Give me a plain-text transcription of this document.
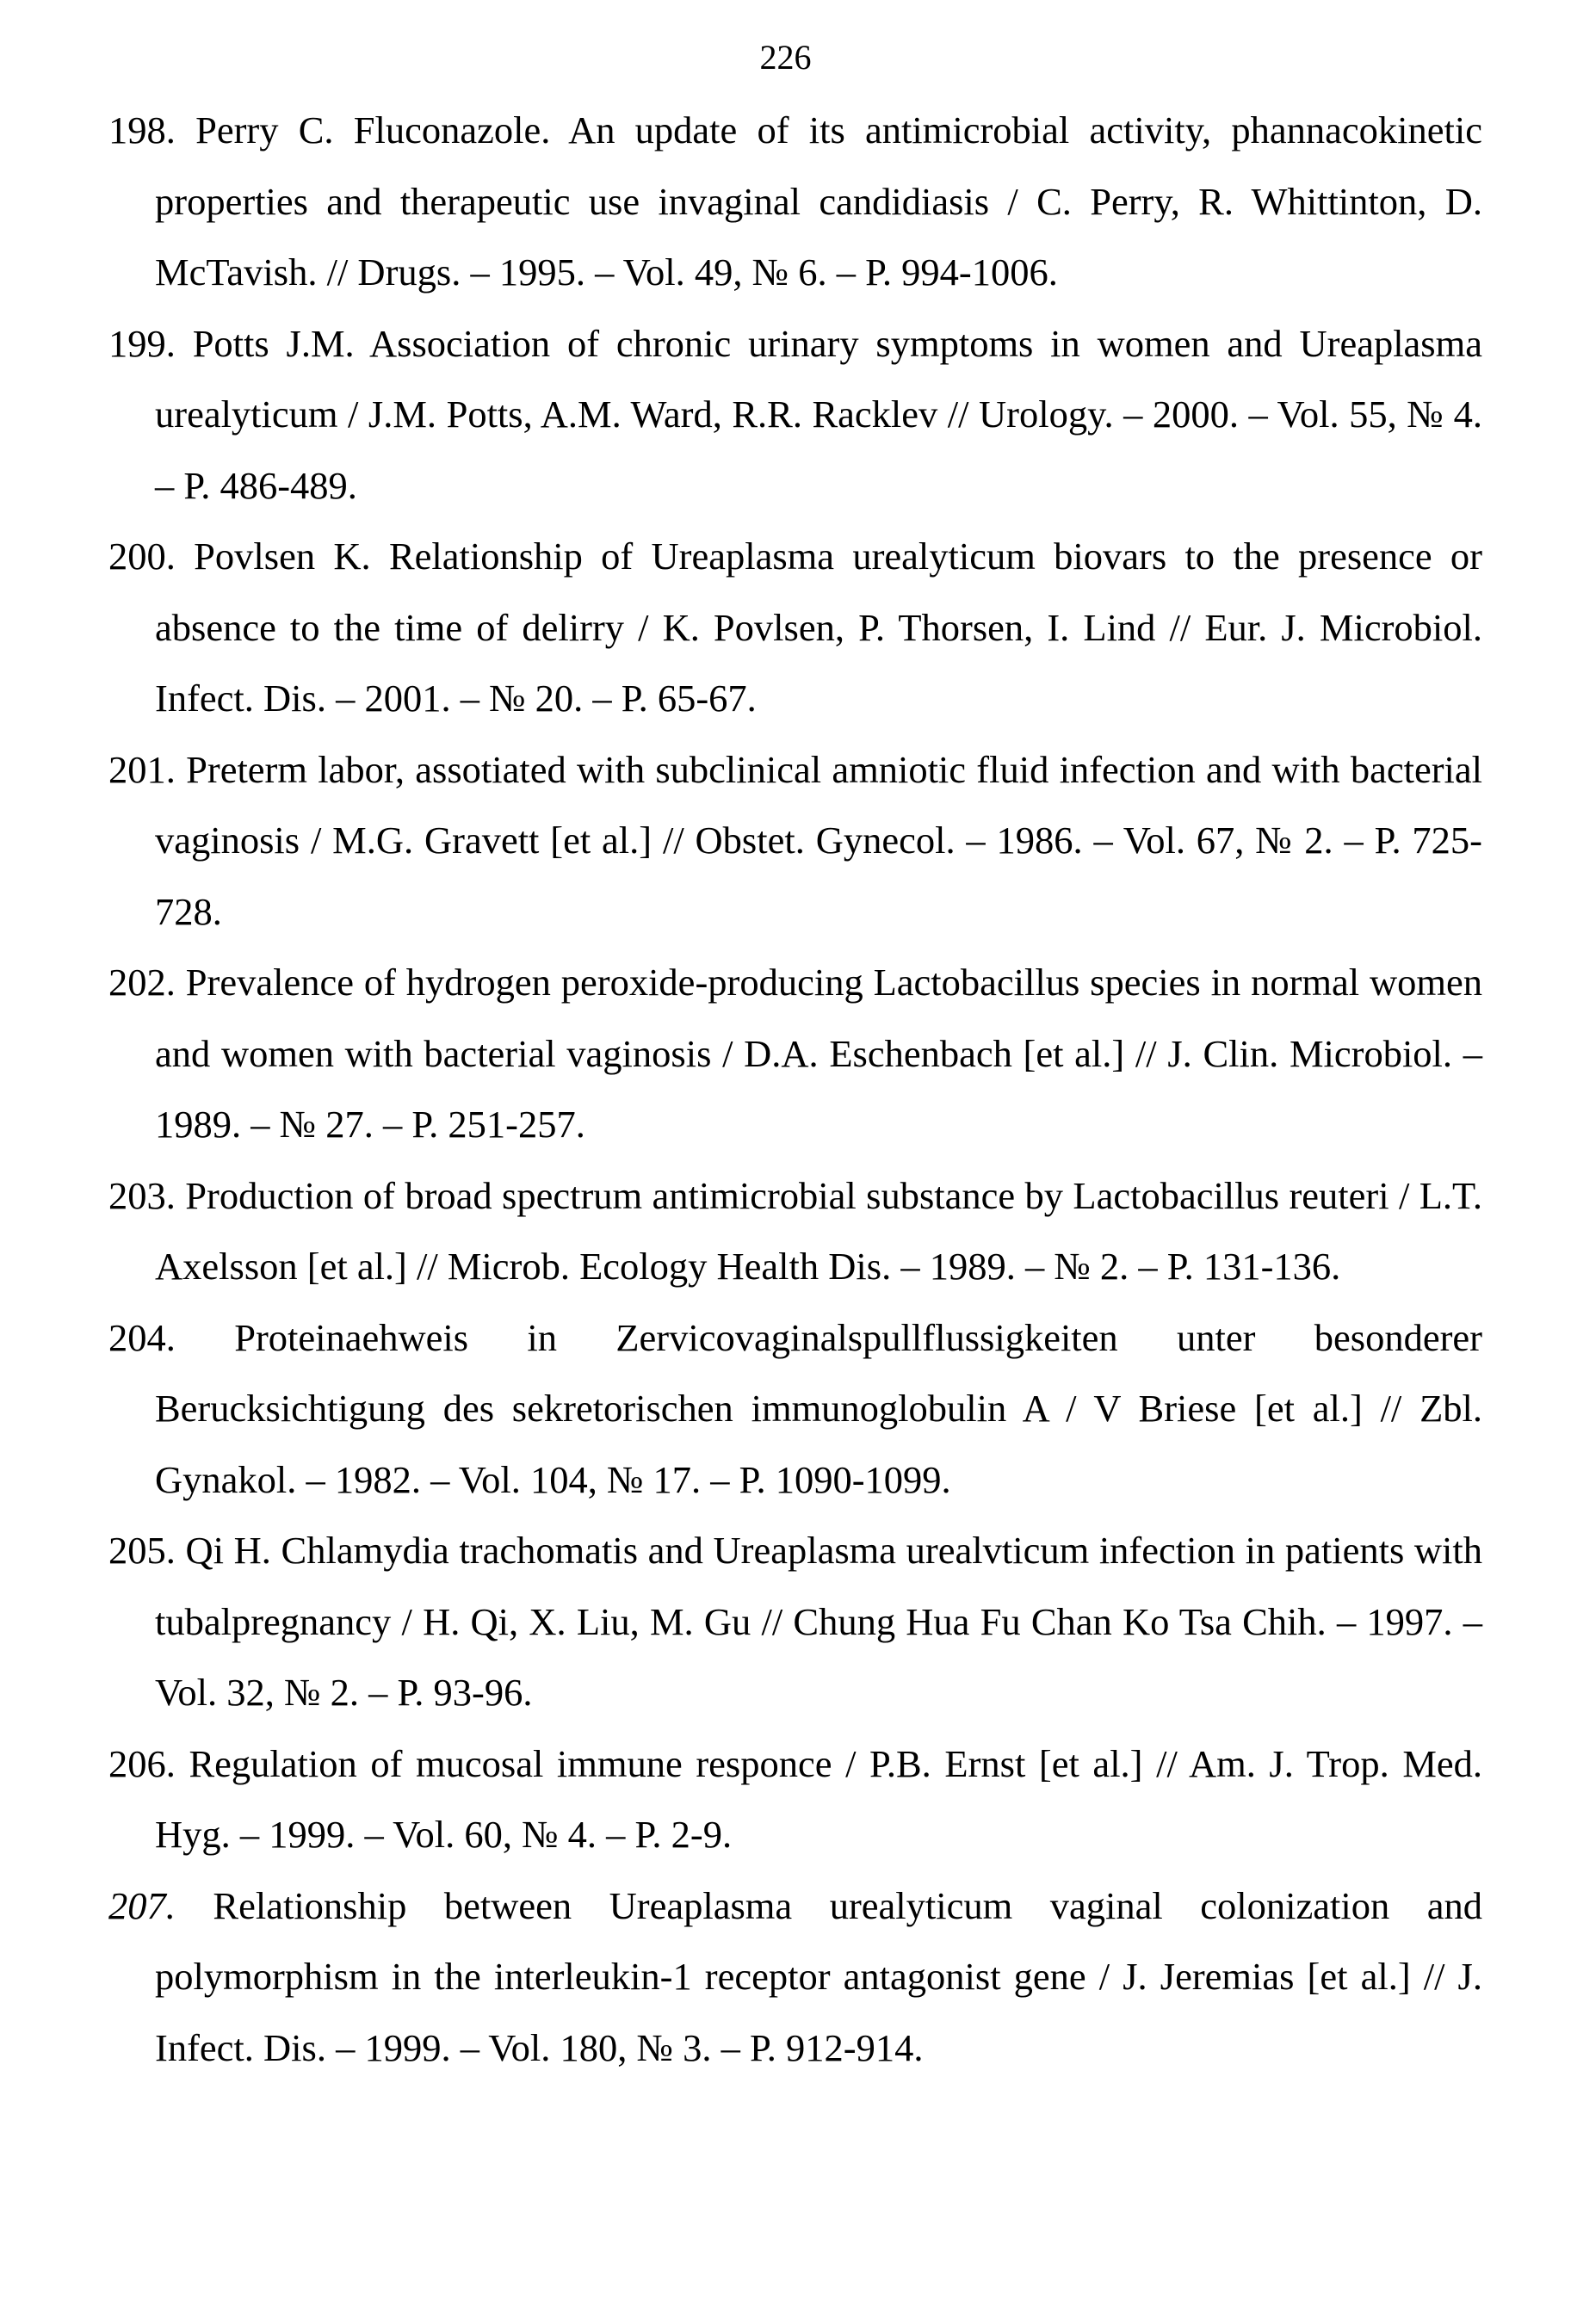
226
198. Perry C. Fluconazole. An update of its antimicrobial activity, phannacokinetic properties and therapeutic use invaginal candidiasis / C. Perry, R. Whittinton, D. McTavish. // Drugs. – 1995. – Vol. 49, № 6. – P. 994-1006.
199. Potts J.M. Association of chronic urinary symptoms in women and Ureaplasma urealyticum / J.M. Potts, A.M. Ward, R.R. Racklev // Urology. – 2000. – Vol. 55, № 4. – P. 486-489.
200. Povlsen K. Relationship of Ureaplasma urealyticum biovars to the presence or absence to the time of delirry / K. Povlsen, P. Thorsen, I. Lind // Eur. J. Microbiol. Infect. Dis. – 2001. – № 20. – P. 65-67.
201. Preterm labor, assotiated with subclinical amniotic fluid infection and with bacterial vaginosis / M.G. Gravett [et al.] // Obstet. Gynecol. – 1986. – Vol. 67, № 2. – P. 725-728.
202. Prevalence of hydrogen peroxide-producing Lactobacillus species in normal women and women with bacterial vaginosis / D.A. Eschenbach [et al.] // J. Clin. Microbiol. – 1989. – № 27. – P. 251-257.
203. Production of broad spectrum antimicrobial substance by Lactobacillus reuteri / L.T. Axelsson [et al.] // Microb. Ecology Health Dis. – 1989. – № 2. – P. 131-136.
204. Proteinaehweis in Zervicovaginalspullflussigkeiten unter besonderer Berucksichtigung des sekretorischen immunoglobulin A / V Briese [et al.] // Zbl. Gynakol. – 1982. – Vol. 104, № 17. – P. 1090-1099.
205. Qi H. Chlamydia trachomatis and Ureaplasma urealvticum infection in patients with tubalpregnancy / H. Qi, X. Liu, M. Gu // Chung Hua Fu Chan Ko Tsa Chih. – 1997. – Vol. 32, № 2. – P. 93-96.
206. Regulation of mucosal immune responce / P.B. Ernst [et al.] // Am. J. Trop. Med. Hyg. – 1999. – Vol. 60, № 4. – P. 2-9.
207. Relationship between Ureaplasma urealyticum vaginal colonization and polymorphism in the interleukin-1 receptor antagonist gene / J. Jeremias [et al.] // J. Infect. Dis. – 1999. – Vol. 180, № 3. – P. 912-914.
